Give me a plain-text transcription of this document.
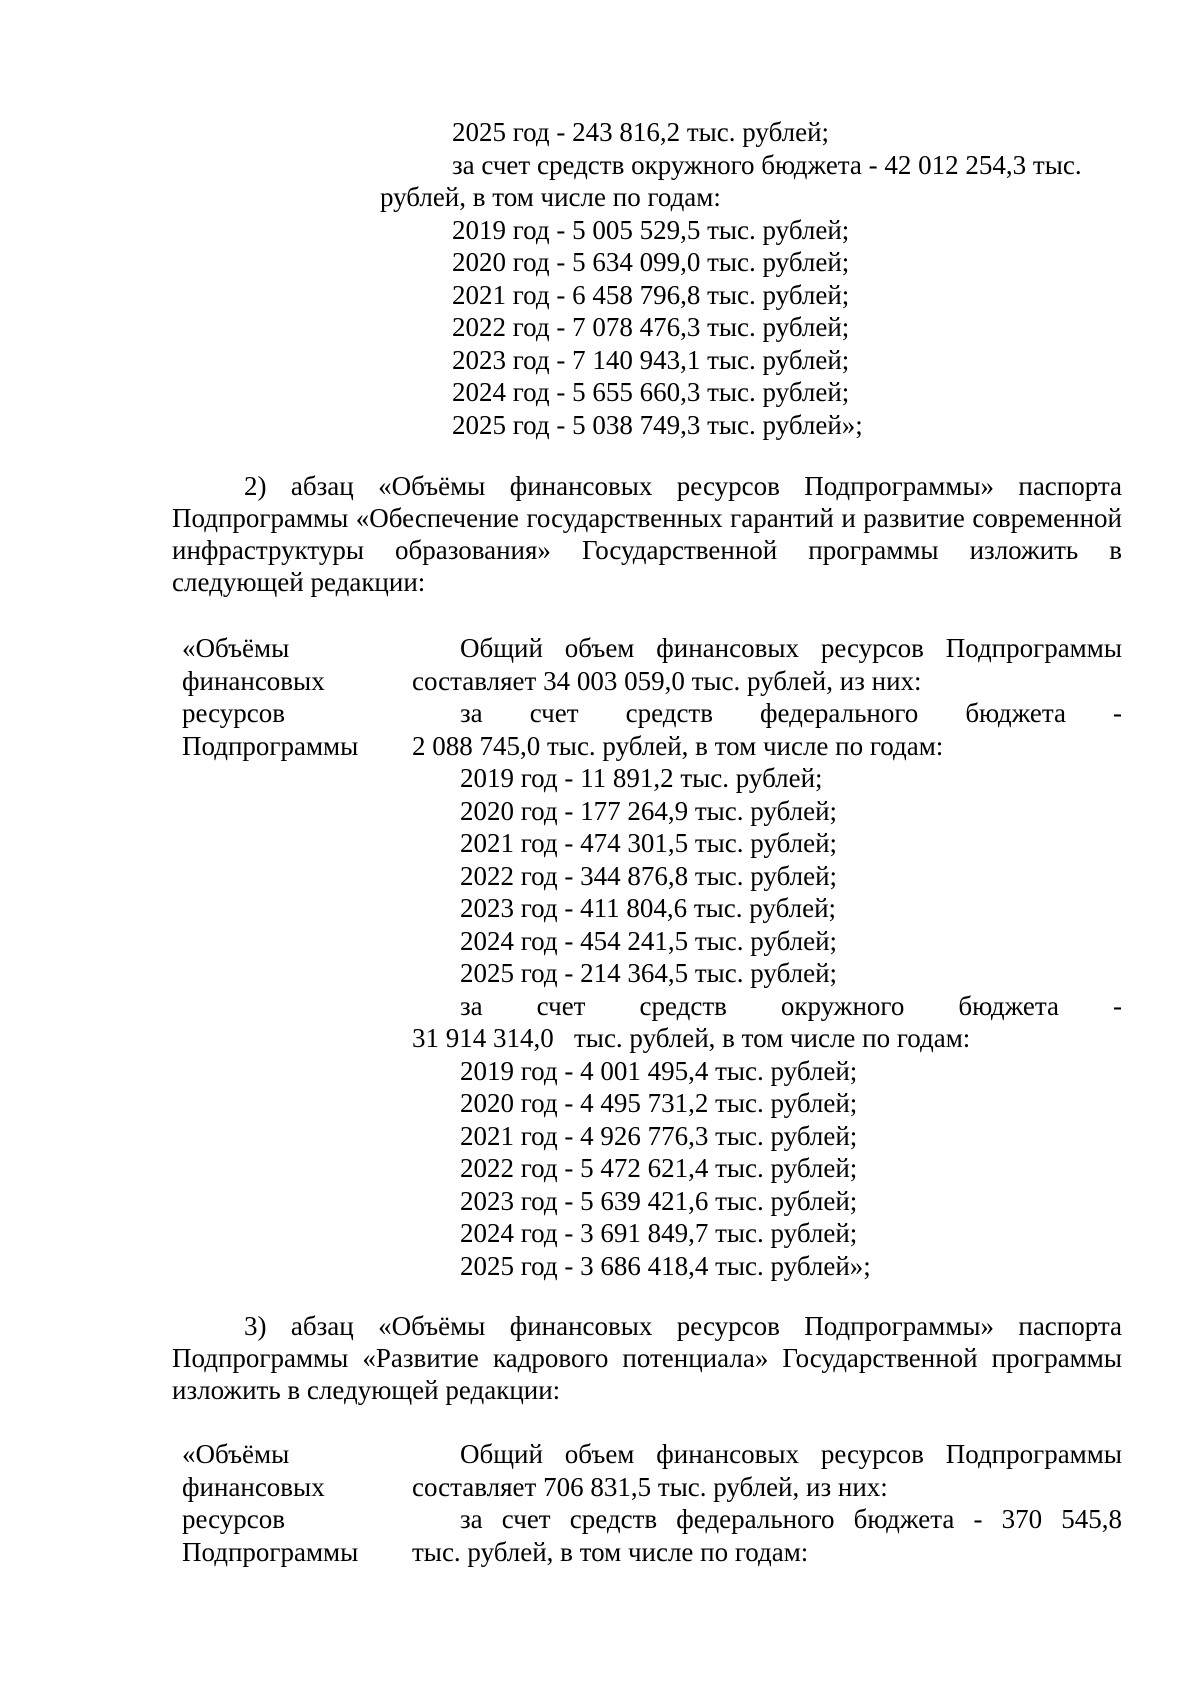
2025 год - 243 816,2 тыс. рублей;
за счет средств окружного бюджета - 42 012 254,3 тыс.
рублей, в том числе по годам:
2019 год - 5 005 529,5 тыс. рублей;
2020 год - 5 634 099,0 тыс. рублей;
2021 год - 6 458 796,8 тыс. рублей;
2022 год - 7 078 476,3 тыс. рублей;
2023 год - 7 140 943,1 тыс. рублей;
2024 год - 5 655 660,3 тыс. рублей;
2025 год - 5 038 749,3 тыс. рублей»;
2) абзац «Объёмы финансовых ресурсов Подпрограммы» паспорта Подпрограммы «Обеспечение государственных гарантий и развитие современной инфраструктуры образования» Государственной программы изложить в следующей редакции:
«Объёмы
финансовых
ресурсов
Подпрограммы
Общий объем финансовых ресурсов Подпрограммы
составляет 34 003 059,0 тыс. рублей, из них:
за счет средств федерального бюджета -
2 088 745,0 тыс. рублей, в том числе по годам:
2019 год - 11 891,2 тыс. рублей;
2020 год - 177 264,9 тыс. рублей;
2021 год - 474 301,5 тыс. рублей;
2022 год - 344 876,8 тыс. рублей;
2023 год - 411 804,6 тыс. рублей;
2024 год - 454 241,5 тыс. рублей;
2025 год - 214 364,5 тыс. рублей;
за счет средств окружного бюджета -
31 914 314,0   тыс. рублей, в том числе по годам:
2019 год - 4 001 495,4 тыс. рублей;
2020 год - 4 495 731,2 тыс. рублей;
2021 год - 4 926 776,3 тыс. рублей;
2022 год - 5 472 621,4 тыс. рублей;
2023 год - 5 639 421,6 тыс. рублей;
2024 год - 3 691 849,7 тыс. рублей;
2025 год - 3 686 418,4 тыс. рублей»;
3) абзац «Объёмы финансовых ресурсов Подпрограммы» паспорта Подпрограммы «Развитие кадрового потенциала» Государственной программы изложить в следующей редакции:
«Объёмы
финансовых
ресурсов
Подпрограммы
Общий объем финансовых ресурсов Подпрограммы
составляет 706 831,5 тыс. рублей, из них:
за счет средств федерального бюджета - 370 545,8
тыс. рублей, в том числе по годам:
